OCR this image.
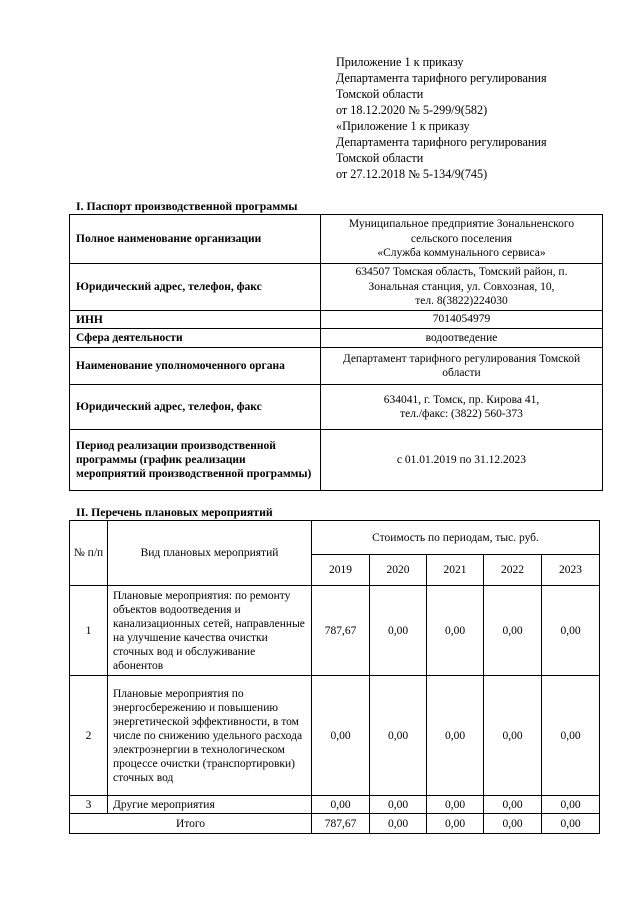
Приложение 1 к приказу
Департамента тарифного регулирования
Томской области
от 18.12.2020 № 5-299/9(582)
«Приложение 1 к приказу
Департамента тарифного регулирования
Томской области
от 27.12.2018 № 5-134/9(745)
I. Паспорт производственной программы
Полное наименование организации	Муниципальное предприятие Зональненского
сельского поселения
«Служба коммунального сервиса»

Юридический адрес, телефон, факс	634507 Томская область, Томский район, п.
Зональная станция, ул. Совхозная, 10,
тел. 8(3822)224030

ИНН	7014054979

Сфера деятельности	водоотведение

Наименование уполномоченного органа	Департамент тарифного регулирования Томской
области

Юридический адрес, телефон, факс	634041, г. Томск, пр. Кирова 41,
тел./факс: (3822) 560-373

Период реализации производственной программы (график реализации мероприятий производственной программы)	с 01.01.2019 по 31.12.2023
II. Перечень плановых мероприятий
№ п/п	Вид плановых мероприятий	Стоимость по периодам, тыс. руб.				
		2019	2020	2021	2022	2023
1	Плановые мероприятия: по ремонту объектов водоотведения и канализационных сетей, направленные на улучшение качества очистки сточных вод и обслуживание абонентов	787,67	0,00	0,00	0,00	0,00
2	Плановые мероприятия по энергосбережению и повышению энергетической эффективности, в том числе по снижению удельного расхода электроэнергии в технологическом процессе очистки (транспортировки) сточных вод	0,00	0,00	0,00	0,00	0,00
3	Другие мероприятия	0,00	0,00	0,00	0,00	0,00
Итого		787,67	0,00	0,00	0,00	0,00
